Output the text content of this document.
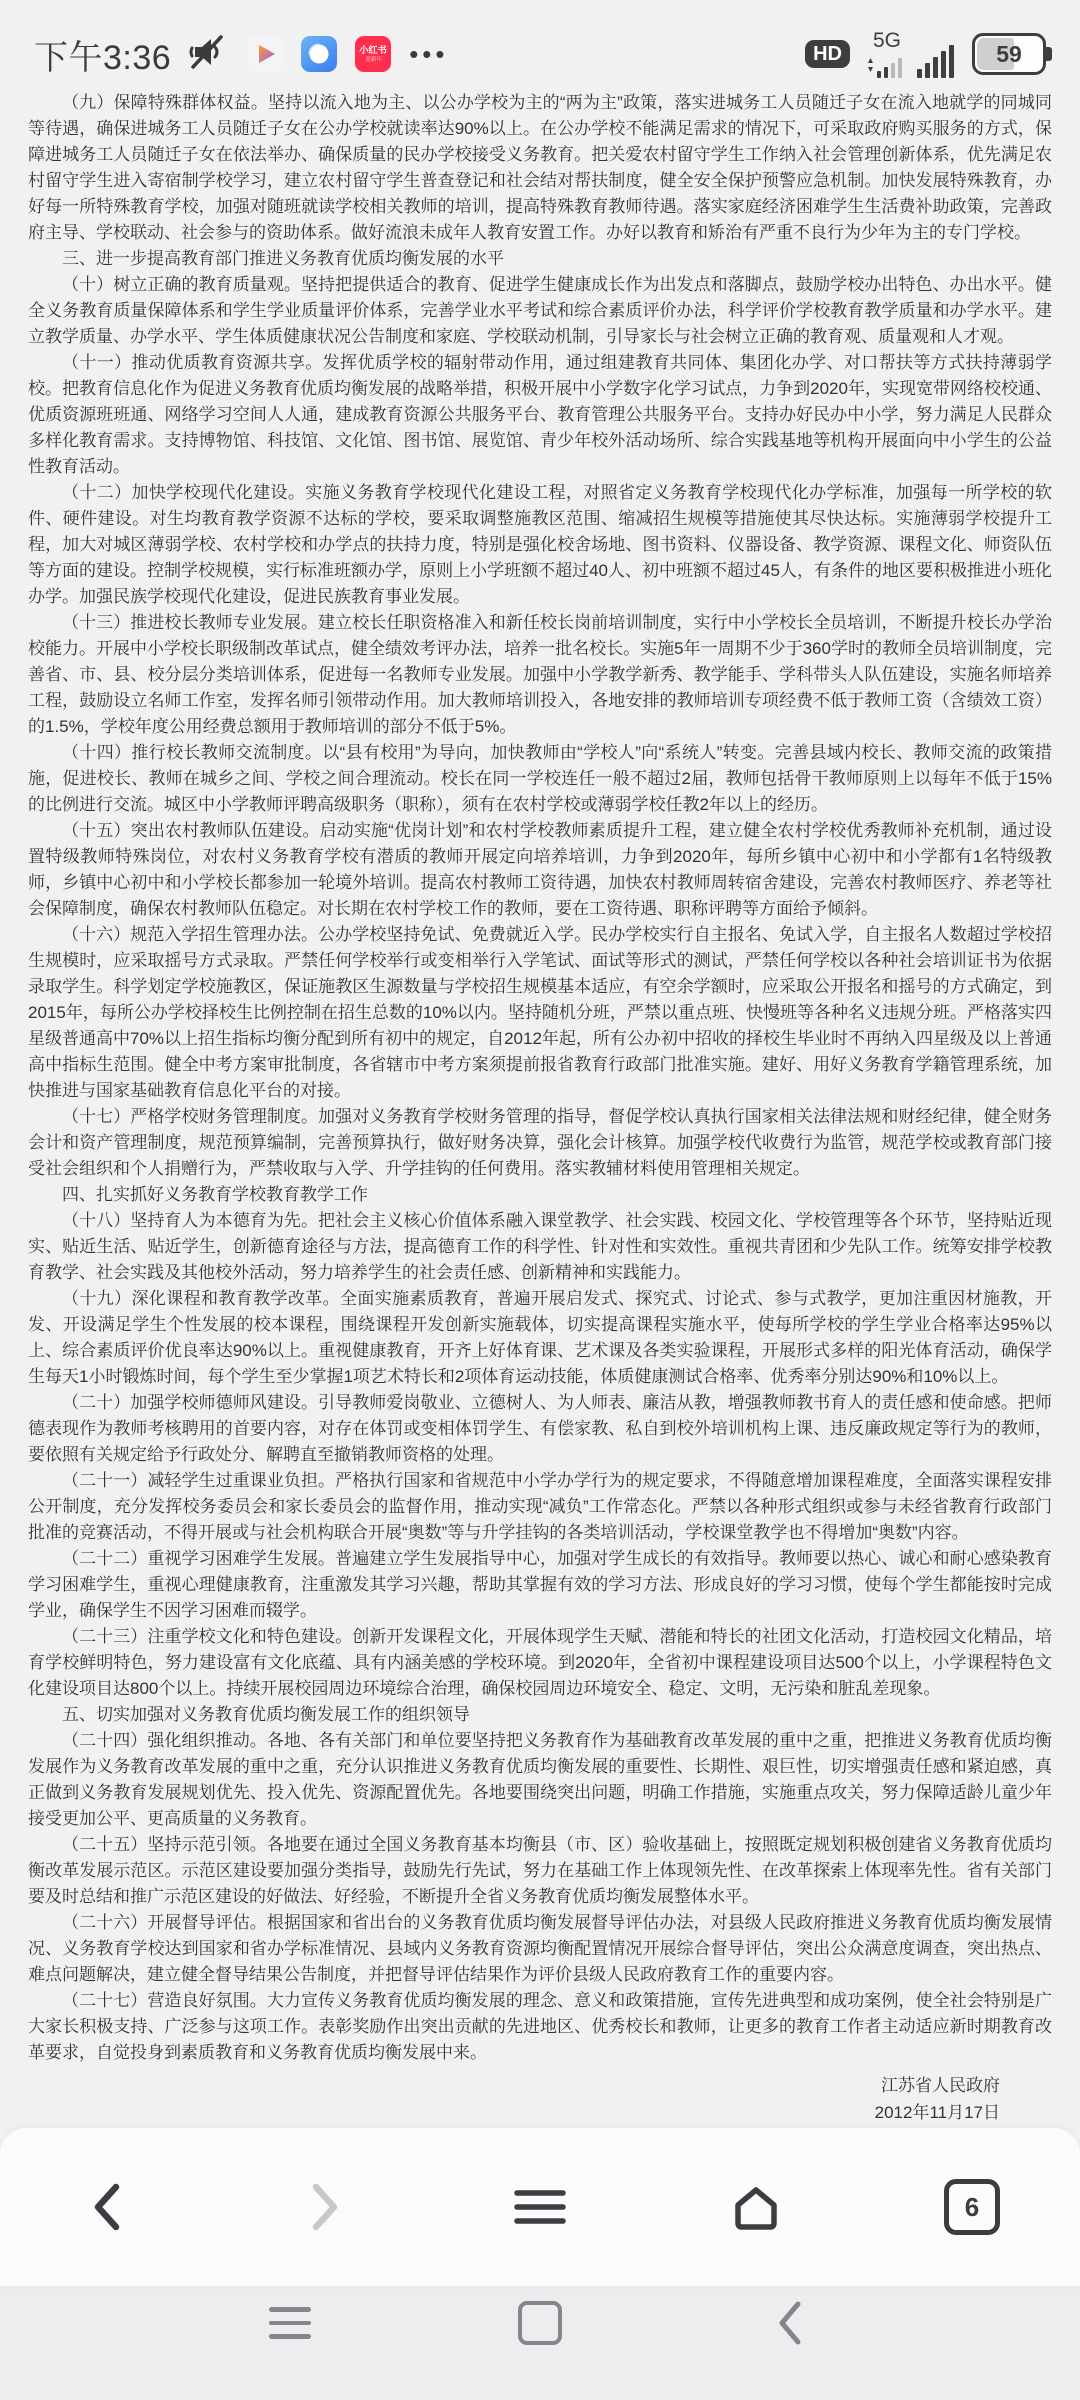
下午3:36	小红书
迎新年 •••	HD
5G
59

（九）保障特殊群体权益。坚持以流入地为主、以公办学校为主的“两为主”政策，落实进城务工人员随迁子女在流入地就学的同城同等待遇，确保进城务工人员随迁子女在公办学校就读率达90%以上。在公办学校不能满足需求的情况下，可采取政府购买服务的方式，保障进城务工人员随迁子女在依法举办、确保质量的民办学校接受义务教育。把关爱农村留守学生工作纳入社会管理创新体系，优先满足农村留守学生进入寄宿制学校学习，建立农村留守学生普查登记和社会结对帮扶制度，健全安全保护预警应急机制。加快发展特殊教育，办好每一所特殊教育学校，加强对随班就读学校相关教师的培训，提高特殊教育教师待遇。落实家庭经济困难学生生活费补助政策，完善政府主导、学校联动、社会参与的资助体系。做好流浪未成年人教育安置工作。办好以教育和矫治有严重不良行为少年为主的专门学校。

三、进一步提高教育部门推进义务教育优质均衡发展的水平

（十）树立正确的教育质量观。坚持把提供适合的教育、促进学生健康成长作为出发点和落脚点，鼓励学校办出特色、办出水平。健全义务教育质量保障体系和学生学业质量评价体系，完善学业水平考试和综合素质评价办法，科学评价学校教育教学质量和办学水平。建立教学质量、办学水平、学生体质健康状况公告制度和家庭、学校联动机制，引导家长与社会树立正确的教育观、质量观和人才观。

（十一）推动优质教育资源共享。发挥优质学校的辐射带动作用，通过组建教育共同体、集团化办学、对口帮扶等方式扶持薄弱学校。把教育信息化作为促进义务教育优质均衡发展的战略举措，积极开展中小学数字化学习试点，力争到2020年，实现宽带网络校校通、优质资源班班通、网络学习空间人人通，建成教育资源公共服务平台、教育管理公共服务平台。支持办好民办中小学，努力满足人民群众多样化教育需求。支持博物馆、科技馆、文化馆、图书馆、展览馆、青少年校外活动场所、综合实践基地等机构开展面向中小学生的公益性教育活动。

（十二）加快学校现代化建设。实施义务教育学校现代化建设工程，对照省定义务教育学校现代化办学标准，加强每一所学校的软件、硬件建设。对生均教育教学资源不达标的学校，要采取调整施教区范围、缩减招生规模等措施使其尽快达标。实施薄弱学校提升工程，加大对城区薄弱学校、农村学校和办学点的扶持力度，特别是强化校舍场地、图书资料、仪器设备、教学资源、课程文化、师资队伍等方面的建设。控制学校规模，实行标准班额办学，原则上小学班额不超过40人、初中班额不超过45人，有条件的地区要积极推进小班化办学。加强民族学校现代化建设，促进民族教育事业发展。

（十三）推进校长教师专业发展。建立校长任职资格准入和新任校长岗前培训制度，实行中小学校长全员培训，不断提升校长办学治校能力。开展中小学校长职级制改革试点，健全绩效考评办法，培养一批名校长。实施5年一周期不少于360学时的教师全员培训制度，完善省、市、县、校分层分类培训体系，促进每一名教师专业发展。加强中小学教学新秀、教学能手、学科带头人队伍建设，实施名师培养工程，鼓励设立名师工作室，发挥名师引领带动作用。加大教师培训投入，各地安排的教师培训专项经费不低于教师工资（含绩效工资）的1.5%，学校年度公用经费总额用于教师培训的部分不低于5%。

（十四）推行校长教师交流制度。以“县有校用”为导向，加快教师由“学校人”向“系统人”转变。完善县域内校长、教师交流的政策措施，促进校长、教师在城乡之间、学校之间合理流动。校长在同一学校连任一般不超过2届，教师包括骨干教师原则上以每年不低于15%的比例进行交流。城区中小学教师评聘高级职务（职称），须有在农村学校或薄弱学校任教2年以上的经历。

（十五）突出农村教师队伍建设。启动实施“优岗计划”和农村学校教师素质提升工程，建立健全农村学校优秀教师补充机制，通过设置特级教师特殊岗位，对农村义务教育学校有潜质的教师开展定向培养培训，力争到2020年，每所乡镇中心初中和小学都有1名特级教师，乡镇中心初中和小学校长都参加一轮境外培训。提高农村教师工资待遇，加快农村教师周转宿舍建设，完善农村教师医疗、养老等社会保障制度，确保农村教师队伍稳定。对长期在农村学校工作的教师，要在工资待遇、职称评聘等方面给予倾斜。

（十六）规范入学招生管理办法。公办学校坚持免试、免费就近入学。民办学校实行自主报名、免试入学，自主报名人数超过学校招生规模时，应采取摇号方式录取。严禁任何学校举行或变相举行入学笔试、面试等形式的测试，严禁任何学校以各种社会培训证书为依据录取学生。科学划定学校施教区，保证施教区生源数量与学校招生规模基本适应，有空余学额时，应采取公开报名和摇号的方式确定，到2015年，每所公办学校择校生比例控制在招生总数的10%以内。坚持随机分班，严禁以重点班、快慢班等各种名义违规分班。严格落实四星级普通高中70%以上招生指标均衡分配到所有初中的规定，自2012年起，所有公办初中招收的择校生毕业时不再纳入四星级及以上普通高中指标生范围。健全中考方案审批制度，各省辖市中考方案须提前报省教育行政部门批准实施。建好、用好义务教育学籍管理系统，加快推进与国家基础教育信息化平台的对接。

（十七）严格学校财务管理制度。加强对义务教育学校财务管理的指导，督促学校认真执行国家相关法律法规和财经纪律，健全财务会计和资产管理制度，规范预算编制，完善预算执行，做好财务决算，强化会计核算。加强学校代收费行为监管，规范学校或教育部门接受社会组织和个人捐赠行为，严禁收取与入学、升学挂钩的任何费用。落实教辅材料使用管理相关规定。

四、扎实抓好义务教育学校教育教学工作

（十八）坚持育人为本德育为先。把社会主义核心价值体系融入课堂教学、社会实践、校园文化、学校管理等各个环节，坚持贴近现实、贴近生活、贴近学生，创新德育途径与方法，提高德育工作的科学性、针对性和实效性。重视共青团和少先队工作。统筹安排学校教育教学、社会实践及其他校外活动，努力培养学生的社会责任感、创新精神和实践能力。

（十九）深化课程和教育教学改革。全面实施素质教育，普遍开展启发式、探究式、讨论式、参与式教学，更加注重因材施教，开发、开设满足学生个性发展的校本课程，围绕课程开发创新实施载体，切实提高课程实施水平，使每所学校的学生学业合格率达95%以上、综合素质评价优良率达90%以上。重视健康教育，开齐上好体育课、艺术课及各类实验课程，开展形式多样的阳光体育活动，确保学生每天1小时锻炼时间，每个学生至少掌握1项艺术特长和2项体育运动技能，体质健康测试合格率、优秀率分别达90%和10%以上。

（二十）加强学校师德师风建设。引导教师爱岗敬业、立德树人、为人师表、廉洁从教，增强教师教书育人的责任感和使命感。把师德表现作为教师考核聘用的首要内容，对存在体罚或变相体罚学生、有偿家教、私自到校外培训机构上课、违反廉政规定等行为的教师，要依照有关规定给予行政处分、解聘直至撤销教师资格的处理。

（二十一）减轻学生过重课业负担。严格执行国家和省规范中小学办学行为的规定要求，不得随意增加课程难度，全面落实课程安排公开制度，充分发挥校务委员会和家长委员会的监督作用，推动实现“减负”工作常态化。严禁以各种形式组织或参与未经省教育行政部门批准的竞赛活动，不得开展或与社会机构联合开展“奥数”等与升学挂钩的各类培训活动，学校课堂教学也不得增加“奥数”内容。

（二十二）重视学习困难学生发展。普遍建立学生发展指导中心，加强对学生成长的有效指导。教师要以热心、诚心和耐心感染教育学习困难学生，重视心理健康教育，注重激发其学习兴趣，帮助其掌握有效的学习方法、形成良好的学习习惯，使每个学生都能按时完成学业，确保学生不因学习困难而辍学。

（二十三）注重学校文化和特色建设。创新开发课程文化，开展体现学生天赋、潜能和特长的社团文化活动，打造校园文化精品，培育学校鲜明特色，努力建设富有文化底蕴、具有内涵美感的学校环境。到2020年，全省初中课程建设项目达500个以上，小学课程特色文化建设项目达800个以上。持续开展校园周边环境综合治理，确保校园周边环境安全、稳定、文明，无污染和脏乱差现象。

五、切实加强对义务教育优质均衡发展工作的组织领导

（二十四）强化组织推动。各地、各有关部门和单位要坚持把义务教育作为基础教育改革发展的重中之重，把推进义务教育优质均衡发展作为义务教育改革发展的重中之重，充分认识推进义务教育优质均衡发展的重要性、长期性、艰巨性，切实增强责任感和紧迫感，真正做到义务教育发展规划优先、投入优先、资源配置优先。各地要围绕突出问题，明确工作措施，实施重点攻关，努力保障适龄儿童少年接受更加公平、更高质量的义务教育。

（二十五）坚持示范引领。各地要在通过全国义务教育基本均衡县（市、区）验收基础上，按照既定规划积极创建省义务教育优质均衡改革发展示范区。示范区建设要加强分类指导，鼓励先行先试，努力在基础工作上体现领先性、在改革探索上体现率先性。省有关部门要及时总结和推广示范区建设的好做法、好经验，不断提升全省义务教育优质均衡发展整体水平。

（二十六）开展督导评估。根据国家和省出台的义务教育优质均衡发展督导评估办法，对县级人民政府推进义务教育优质均衡发展情况、义务教育学校达到国家和省办学标准情况、县域内义务教育资源均衡配置情况开展综合督导评估，突出公众满意度调查，突出热点、难点问题解决，建立健全督导结果公告制度，并把督导评估结果作为评价县级人民政府教育工作的重要内容。

（二十七）营造良好氛围。大力宣传义务教育优质均衡发展的理念、意义和政策措施，宣传先进典型和成功案例，使全社会特别是广大家长积极支持、广泛参与这项工作。表彰奖励作出突出贡献的先进地区、优秀校长和教师，让更多的教育工作者主动适应新时期教育改革要求，自觉投身到素质教育和义务教育优质均衡发展中来。

江苏省人民政府
2012年11月17日
6
